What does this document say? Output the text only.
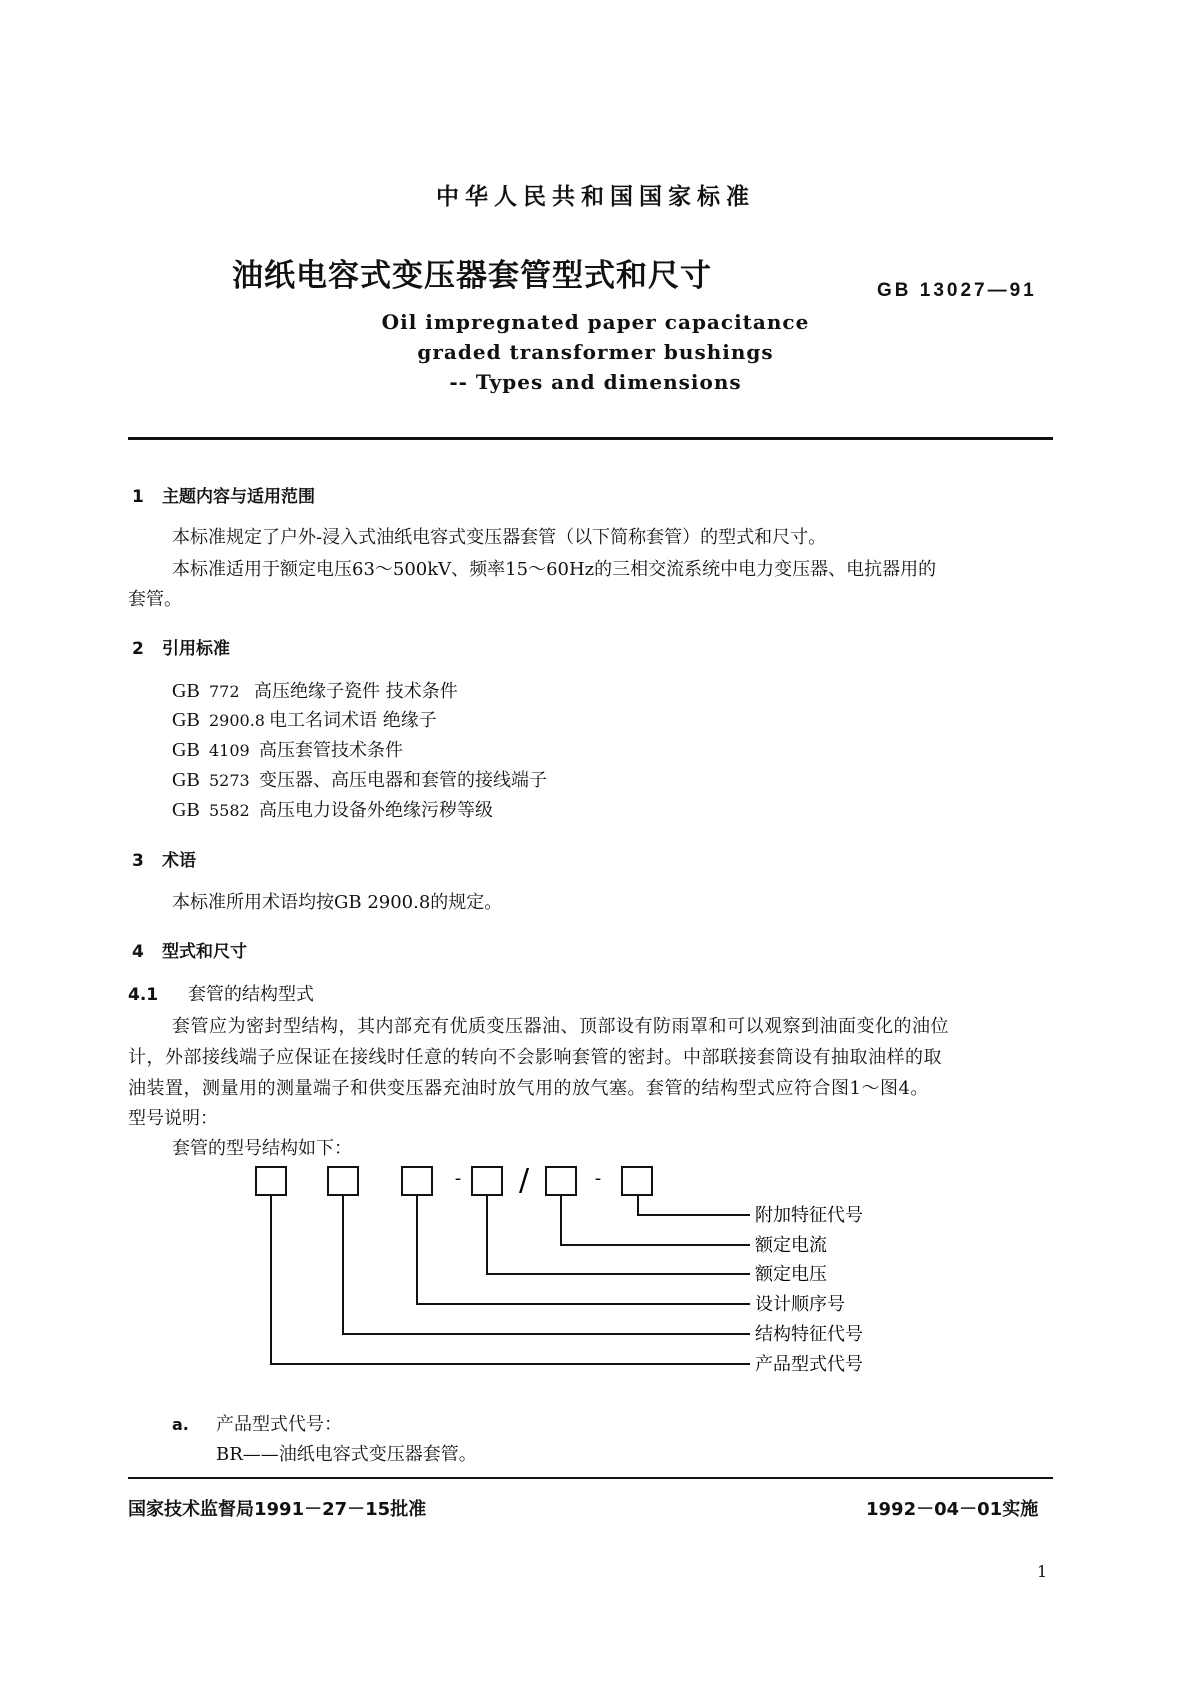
中华人民共和国国家标准
油纸电容式变压器套管型式和尺寸	GB 13027—91
Oil impregnated paper capacitance
graded transformer bushings
-- Types and dimensions
1 主题内容与适用范围
本标准规定了户外-浸入式油纸电容式变压器套管（以下简称套管）的型式和尺寸。
本标准适用于额定电压63～500kV、频率15～60Hz的三相交流系统中电力变压器、电抗器用的
套管。
2 引用标准
GB 772 高压绝缘子瓷件 技术条件
GB 2900.8 电工名词术语 绝缘子
GB 4109 高压套管技术条件
GB 5273 变压器、高压电器和套管的接线端子
GB 5582 高压电力设备外绝缘污秽等级
3 术语
本标准所用术语均按GB 2900.8的规定。
4 型式和尺寸
4.1 套管的结构型式
套管应为密封型结构，其内部充有优质变压器油、顶部设有防雨罩和可以观察到油面变化的油位
计，外部接线端子应保证在接线时任意的转向不会影响套管的密封。中部联接套筒设有抽取油样的取
油装置，测量用的测量端子和供变压器充油时放气用的放气塞。套管的结构型式应符合图1～图4。
型号说明：
套管的型号结构如下：
- /	-
附加特征代号
额定电流
额定电压
设计顺序号
结构特征代号
产品型式代号
a. 产品型式代号：
BR——油纸电容式变压器套管。
国家技术监督局1991－27－15批准	1992－04－01实施
1
